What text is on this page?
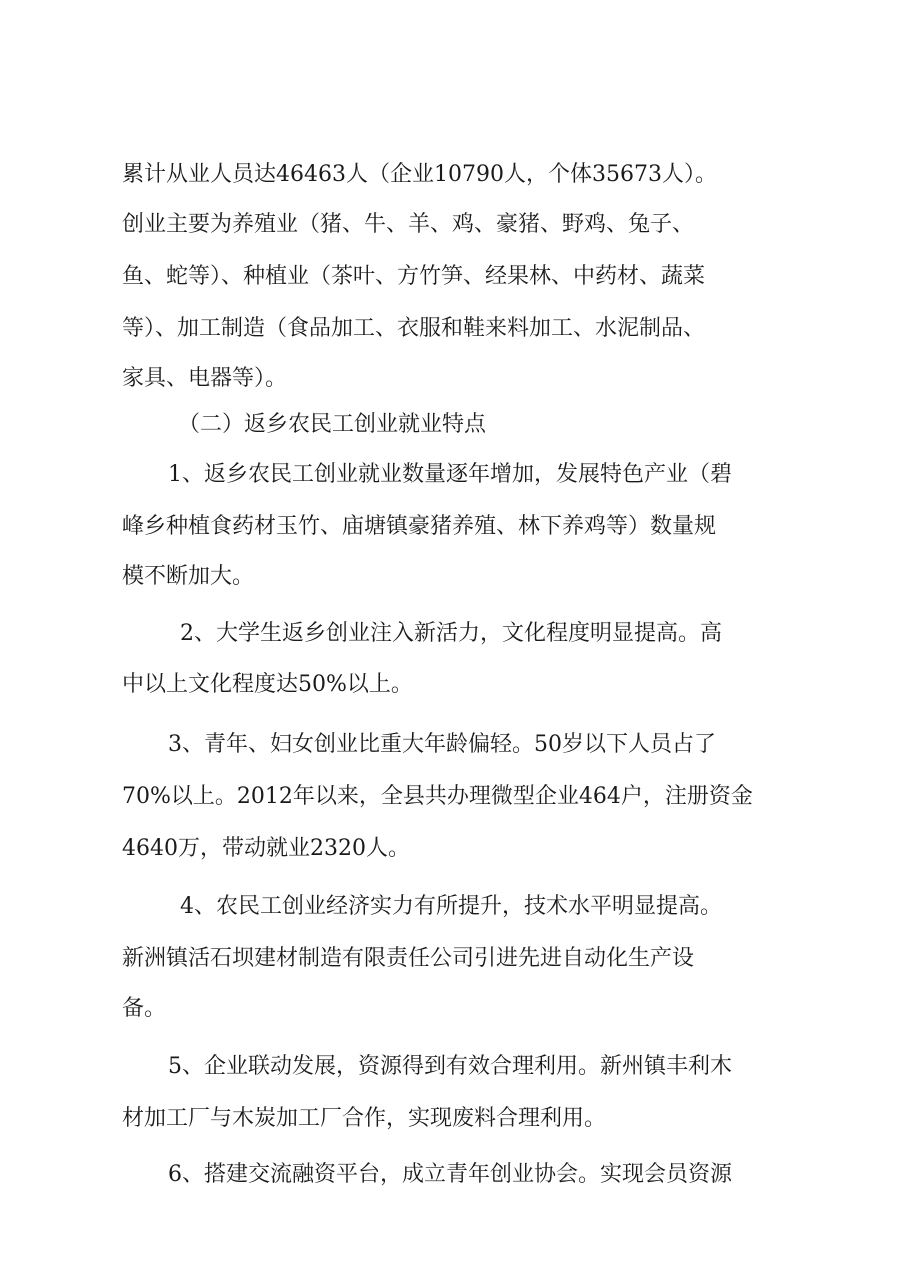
累计从业人员达46463人（企业10790人，个体35673人）。
创业主要为养殖业（猪、牛、羊、鸡、豪猪、野鸡、兔子、
鱼、蛇等）、种植业（茶叶、方竹笋、经果林、中药材、蔬菜
等）、加工制造（食品加工、衣服和鞋来料加工、水泥制品、
家具、电器等）。
（二）返乡农民工创业就业特点
1、返乡农民工创业就业数量逐年增加，发展特色产业（碧
峰乡种植食药材玉竹、庙塘镇豪猪养殖、林下养鸡等）数量规
模不断加大。
2、大学生返乡创业注入新活力，文化程度明显提高。高
中以上文化程度达50%以上。
3、青年、妇女创业比重大年龄偏轻。50岁以下人员占了
70%以上。2012年以来，全县共办理微型企业464户，注册资金
4640万，带动就业2320人。
4、农民工创业经济实力有所提升，技术水平明显提高。
新洲镇活石坝建材制造有限责任公司引进先进自动化生产设
备。
5、企业联动发展，资源得到有效合理利用。新州镇丰利木
材加工厂与木炭加工厂合作，实现废料合理利用。
6、搭建交流融资平台，成立青年创业协会。实现会员资源
